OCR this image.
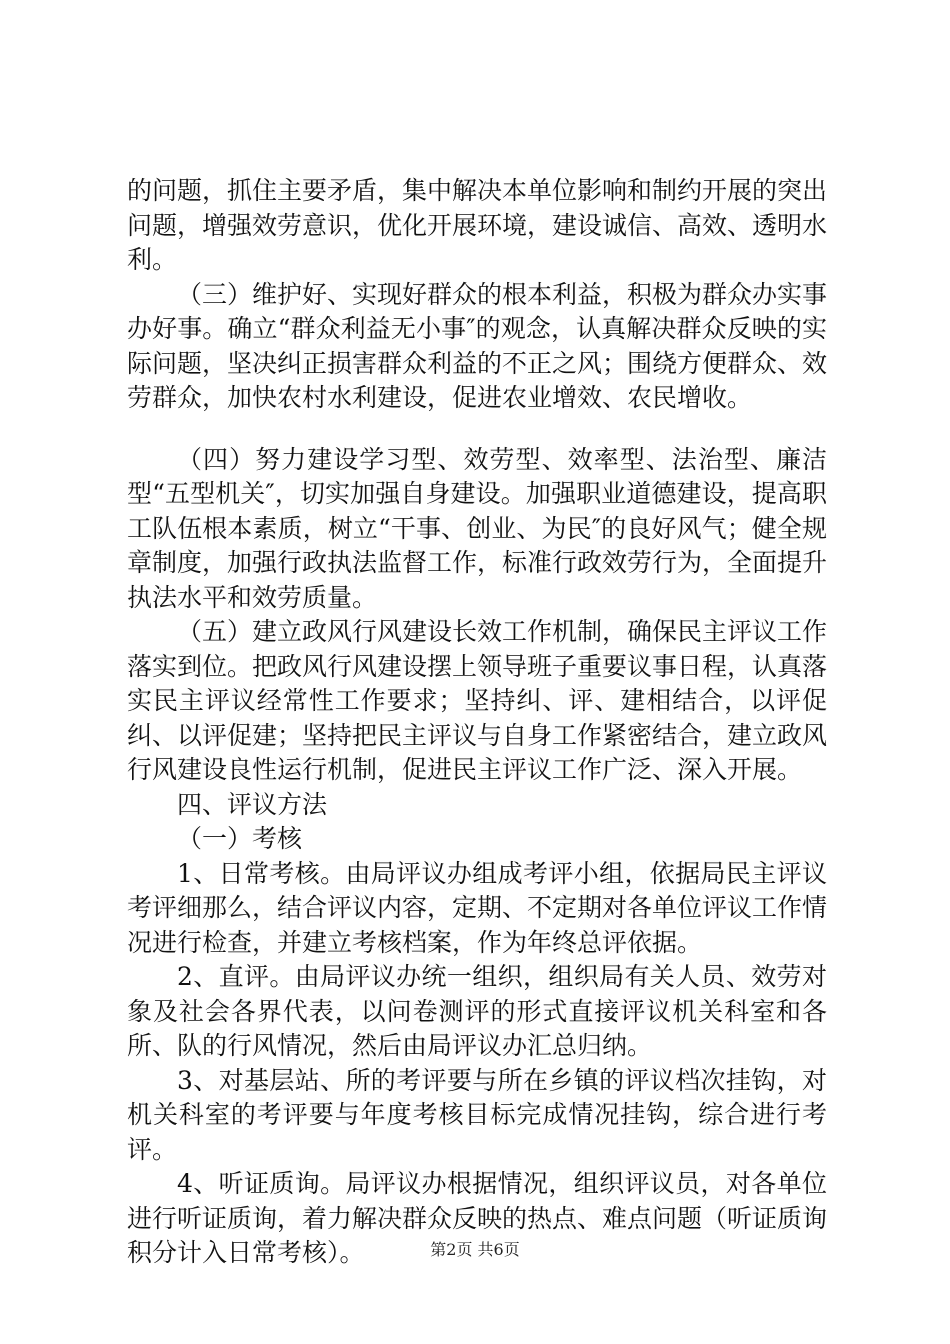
的问题，抓住主要矛盾，集中解决本单位影响和制约开展的突出问题，增强效劳意识，优化开展环境，建设诚信、高效、透明水利。

（三）维护好、实现好群众的根本利益，积极为群众办实事办好事。确立“群众利益无小事″的观念，认真解决群众反映的实际问题，坚决纠正损害群众利益的不正之风；围绕方便群众、效劳群众，加快农村水利建设，促进农业增效、农民增收。

（四）努力建设学习型、效劳型、效率型、法治型、廉洁型“五型机关″，切实加强自身建设。加强职业道德建设，提高职工队伍根本素质，树立“干事、创业、为民″的良好风气；健全规章制度，加强行政执法监督工作，标准行政效劳行为，全面提升执法水平和效劳质量。

（五）建立政风行风建设长效工作机制，确保民主评议工作落实到位。把政风行风建设摆上领导班子重要议事日程，认真落实民主评议经常性工作要求；坚持纠、评、建相结合，以评促纠、以评促建；坚持把民主评议与自身工作紧密结合，建立政风行风建设良性运行机制，促进民主评议工作广泛、深入开展。

四、评议方法

（一）考核

1、日常考核。由局评议办组成考评小组，依据局民主评议考评细那么，结合评议内容，定期、不定期对各单位评议工作情况进行检查，并建立考核档案，作为年终总评依据。

2、直评。由局评议办统一组织，组织局有关人员、效劳对象及社会各界代表，以问卷测评的形式直接评议机关科室和各所、队的行风情况，然后由局评议办汇总归纳。

3、对基层站、所的考评要与所在乡镇的评议档次挂钩，对机关科室的考评要与年度考核目标完成情况挂钩，综合进行考评。

4、听证质询。局评议办根据情况，组织评议员，对各单位进行听证质询，着力解决群众反映的热点、难点问题（听证质询积分计入日常考核）。	第2页 共6页
